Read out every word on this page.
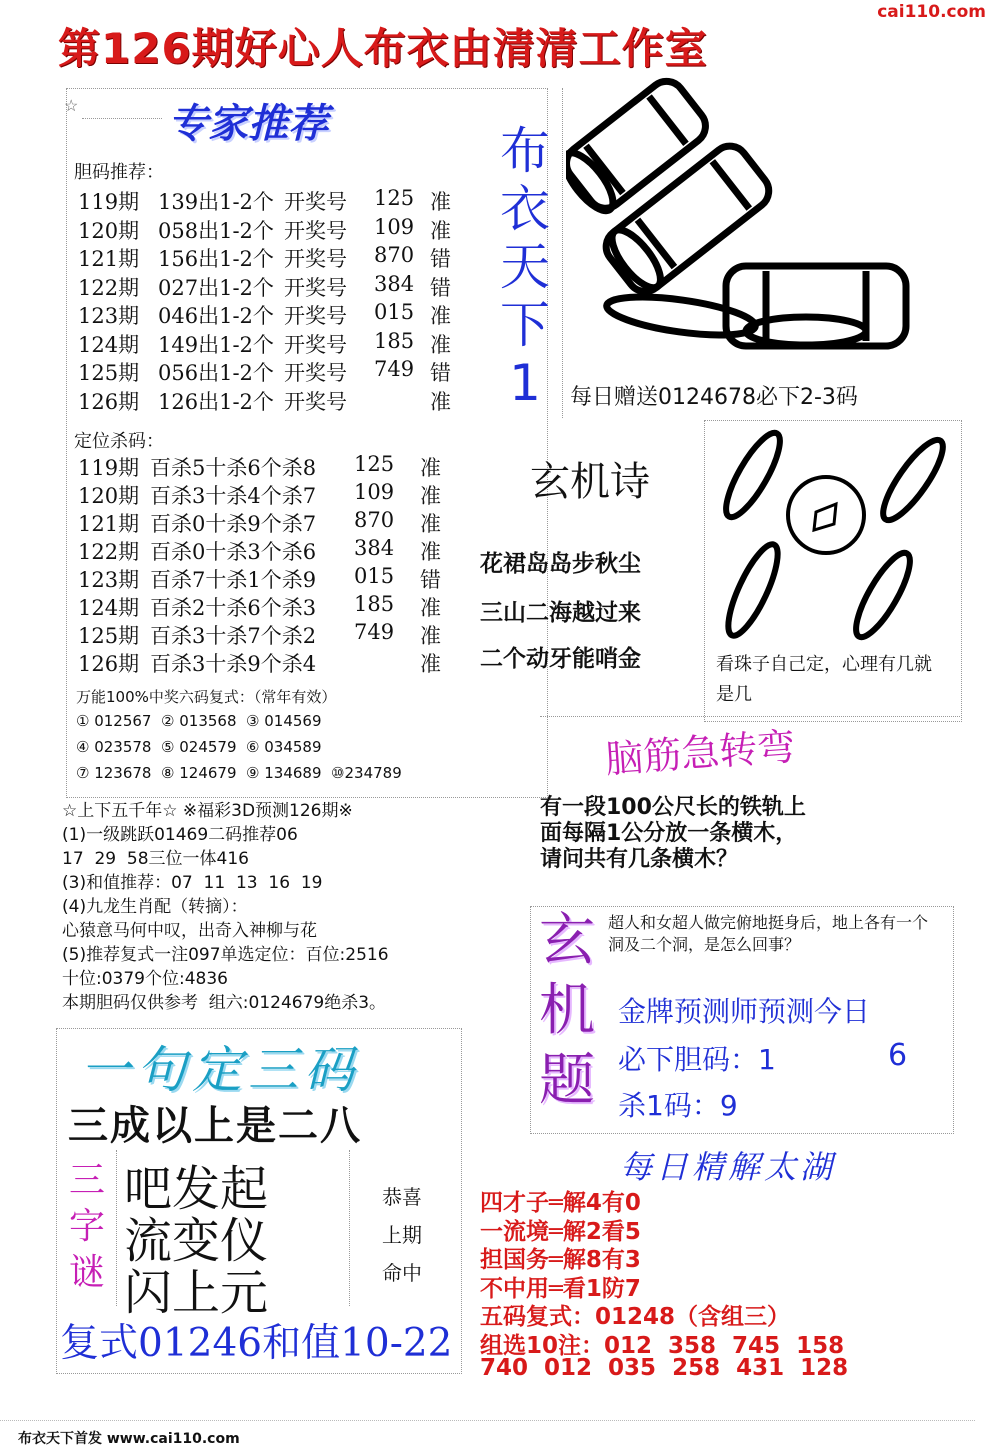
cai110.com
第126期好心人布衣由清清工作室
专家推荐
☆
胆码推荐：
119期 139出1-2个 开奖号 125 准
120期 058出1-2个 开奖号 109 准
121期 156出1-2个 开奖号 870 错
122期 027出1-2个 开奖号 384 错
123期 046出1-2个 开奖号 015 准
124期 149出1-2个 开奖号 185 准
125期 056出1-2个 开奖号 749 错
126期 126出1-2个 开奖号	准
定位杀码：
119期 百杀5十杀6个杀8 125 准
120期 百杀3十杀4个杀7 109 准
121期 百杀0十杀9个杀7 870 准
122期 百杀0十杀3个杀6 384 准
123期 百杀7十杀1个杀9 015 错
124期 百杀2十杀6个杀3 185 准
125期 百杀3十杀7个杀2 749 准
126期 百杀3十杀9个杀4	准
万能100%中奖六码复式：（常年有效）
① 012567  ② 013568  ③ 014569
④ 023578  ⑤ 024579  ⑥ 034589
⑦ 123678  ⑧ 124679  ⑨ 134689  ⑩234789
☆上下五千年☆ ※福彩3D预测126期※
(1)一级跳跃01469二码推荐06
17  29  58三位一体416
(3)和值推荐：07  11  13  16  19
(4)九龙生肖配（转摘）：
心猿意马何中叹，出奇入神柳与花
(5)推荐复式一注097单选定位：百位:2516
十位:0379个位:4836
本期胆码仅供参考  组六:0124679绝杀3。
布
衣
天
下
1	每日赠送0124678必下2-3码
玄机诗
花裙岛岛步秋尘
三山二海越过来
二个动牙能哨金	看珠子自己定，心理有几就是几
脑筋急转弯
有一段100公尺长的铁轨上
面每隔1公分放一条横木，
请问共有几条横木？
玄
机
题
超人和女超人做完俯地挺身后，地上各有一个洞及二个洞，是怎么回事？
金牌预测师预测今日
必下胆码：1	6
杀1码：9
每日精解太湖
四才子═解4有0
一流境═解2看5
担国务═解8有3
不中用═看1防7
五码复式：01248（含组三）
组选10注：012  358  745  158
740  012  035  258  431  128
一句定三码
三成以上是二八
三
字
谜
吧发起
流变仪
闪上元
恭喜
上期
命中
复式01246和值10-22
布衣天下首发 www.cai110.com
